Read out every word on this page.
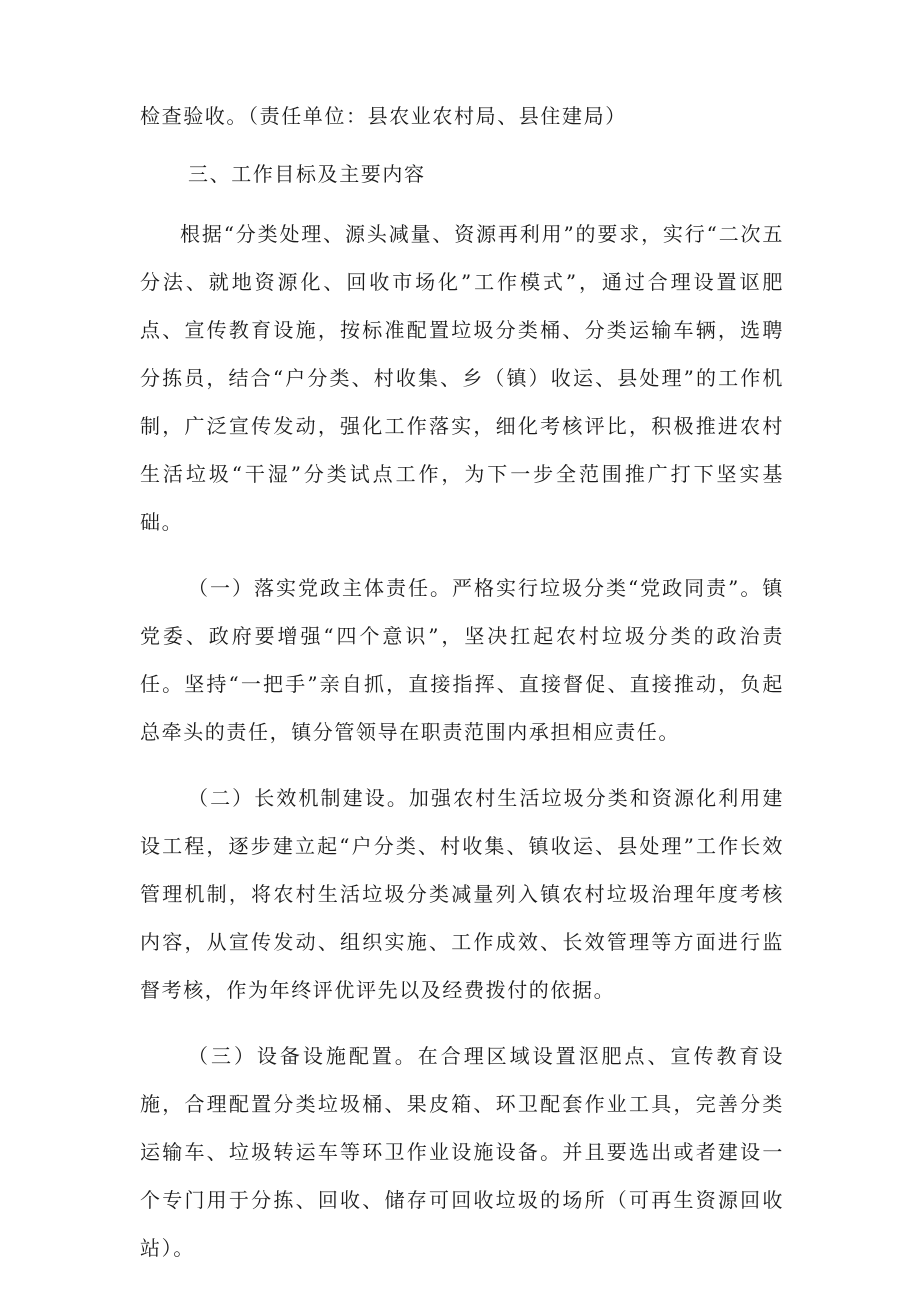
检查验收。（责任单位：县农业农村局、县住建局）

三、工作目标及主要内容

根据“分类处理、源头减量、资源再利用”的要求，实行“二次五分法、就地资源化、回收市场化”工作模式”，通过合理设置讴肥点、宣传教育设施，按标准配置垃圾分类桶、分类运输车辆，选聘分拣员，结合“户分类、村收集、乡（镇）收运、县处理”的工作机制，广泛宣传发动，强化工作落实，细化考核评比，积极推进农村生活垃圾“干湿”分类试点工作，为下一步全范围推广打下坚实基础。

（一）落实党政主体责任。严格实行垃圾分类“党政同责”。镇党委、政府要增强“四个意识”，坚决扛起农村垃圾分类的政治责任。坚持“一把手”亲自抓，直接指挥、直接督促、直接推动，负起总牵头的责任，镇分管领导在职责范围内承担相应责任。

（二）长效机制建设。加强农村生活垃圾分类和资源化利用建设工程，逐步建立起“户分类、村收集、镇收运、县处理”工作长效管理机制，将农村生活垃圾分类减量列入镇农村垃圾治理年度考核内容，从宣传发动、组织实施、工作成效、长效管理等方面进行监督考核，作为年终评优评先以及经费拨付的依据。

（三）设备设施配置。在合理区域设置沤肥点、宣传教育设施，合理配置分类垃圾桶、果皮箱、环卫配套作业工具，完善分类运输车、垃圾转运车等环卫作业设施设备。并且要选出或者建设一个专门用于分拣、回收、储存可回收垃圾的场所（可再生资源回收站）。
